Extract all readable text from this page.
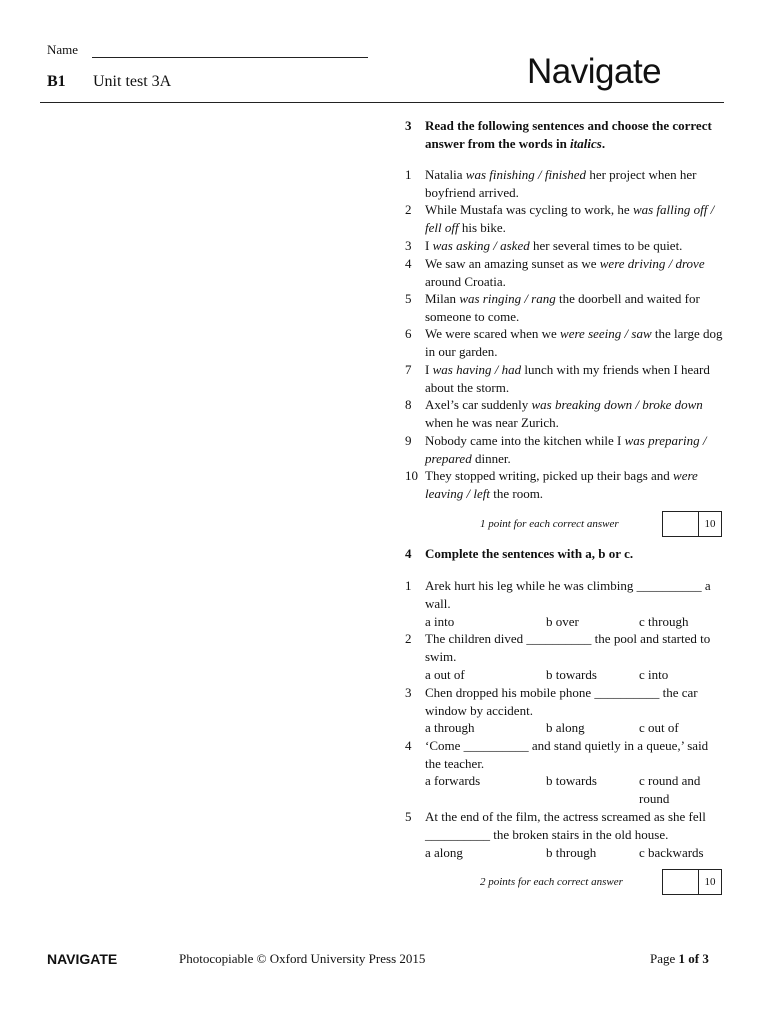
Name
B1 Unit test 3A	Navigate
3 Read the following sentences and choose the correct answer from the words in italics.
1 Natalia was finishing / finished her project when her boyfriend arrived.
2 While Mustafa was cycling to work, he was falling off / fell off his bike.
3 I was asking / asked her several times to be quiet.
4 We saw an amazing sunset as we were driving / drove around Croatia.
5 Milan was ringing / rang the doorbell and waited for someone to come.
6 We were scared when we were seeing / saw the large dog in our garden.
7 I was having / had lunch with my friends when I heard about the storm.
8 Axel’s car suddenly was breaking down / broke down when he was near Zurich.
9 Nobody came into the kitchen while I was preparing / prepared dinner.
10 They stopped writing, picked up their bags and were leaving / left the room.
1 point for each correct answer	10
4 Complete the sentences with a, b or c.
1 Arek hurt his leg while he was climbing __________ a wall.
a into	b over	c through
2 The children dived __________ the pool and started to swim.
a out of	b towards	c into
3 Chen dropped his mobile phone __________ the car window by accident.
a through	b along	c out of
4 ‘Come __________ and stand quietly in a queue,’ said the teacher.
a forwards	b towards	c round and round
5 At the end of the film, the actress screamed as she fell __________ the broken stairs in the old house.
a along	b through	c backwards
2 points for each correct answer	10
NAVIGATE	Photocopiable © Oxford University Press 2015	Page 1 of 3
